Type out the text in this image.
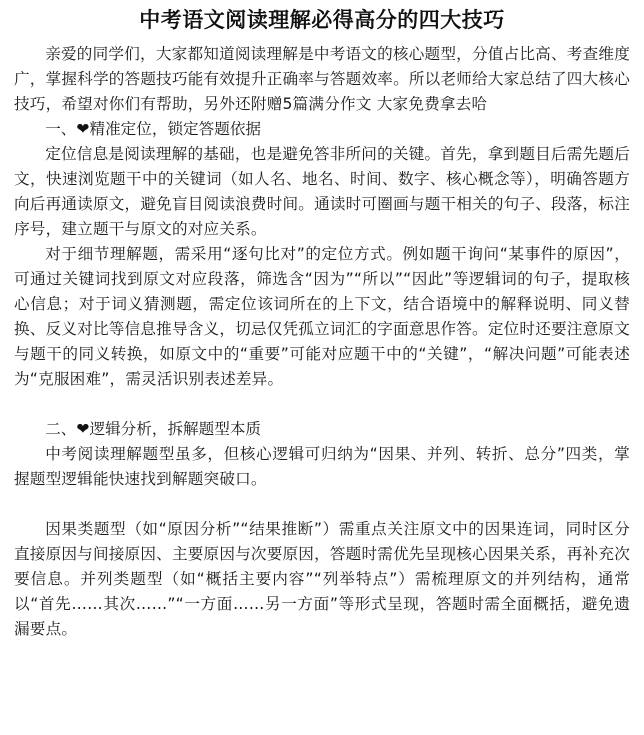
中考语文阅读理解必得高分的四大技巧

亲爱的同学们，大家都知道阅读理解是中考语文的核心题型，分值占比高、考查维度广，掌握科学的答题技巧能有效提升正确率与答题效率。所以老师给大家总结了四大核心技巧，希望对你们有帮助，另外还附赠5篇满分作文 大家免费拿去哈

一、❤精准定位，锁定答题依据

定位信息是阅读理解的基础，也是避免答非所问的关键。首先，拿到题目后需先题后文，快速浏览题干中的关键词（如人名、地名、时间、数字、核心概念等），明确答题方向后再通读原文，避免盲目阅读浪费时间。通读时可圈画与题干相关的句子、段落，标注序号，建立题干与原文的对应关系。

对于细节理解题，需采用“逐句比对”的定位方式。例如题干询问“某事件的原因”，可通过关键词找到原文对应段落，筛选含“因为”“所以”“因此”等逻辑词的句子，提取核心信息；对于词义猜测题，需定位该词所在的上下文，结合语境中的解释说明、同义替换、反义对比等信息推导含义，切忌仅凭孤立词汇的字面意思作答。定位时还要注意原文与题干的同义转换，如原文中的“重要”可能对应题干中的“关键”，“解决问题”可能表述为“克服困难”，需灵活识别表述差异。

二、❤逻辑分析，拆解题型本质

中考阅读理解题型虽多，但核心逻辑可归纳为“因果、并列、转折、总分”四类，掌握题型逻辑能快速找到解题突破口。

因果类题型（如“原因分析”“结果推断”）需重点关注原文中的因果连词，同时区分直接原因与间接原因、主要原因与次要原因，答题时需优先呈现核心因果关系，再补充次要信息。并列类题型（如“概括主要内容”“列举特点”）需梳理原文的并列结构，通常以“首先……其次……”“一方面……另一方面”等形式呈现，答题时需全面概括，避免遗漏要点。
